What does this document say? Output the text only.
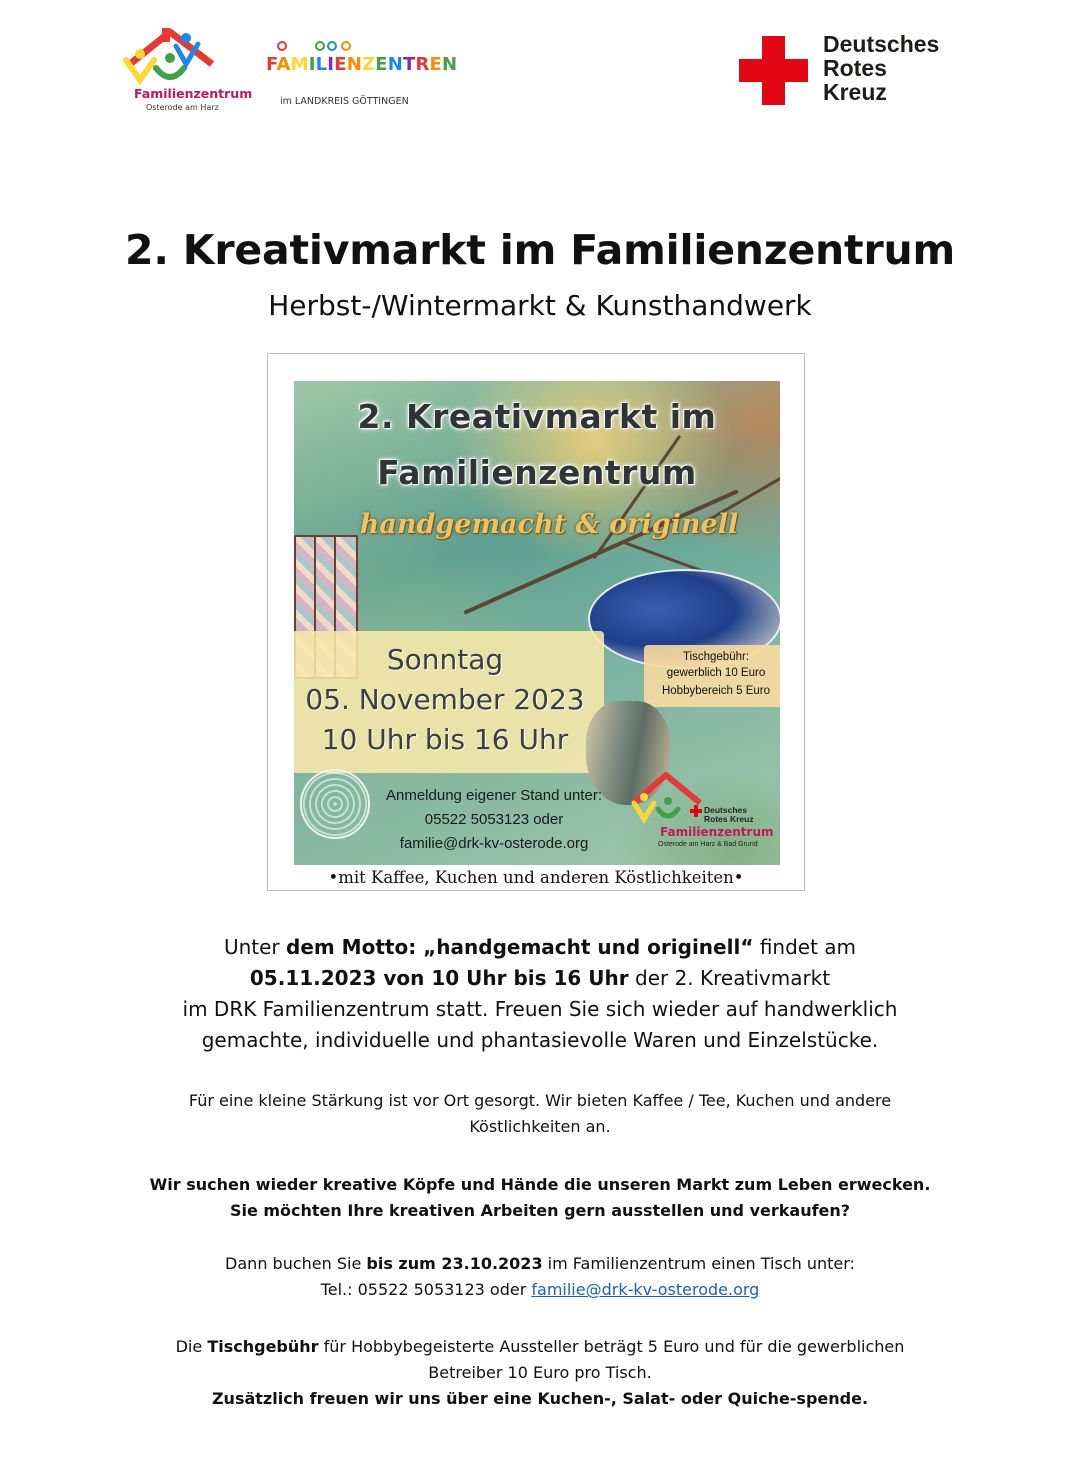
Familienzentrum
Osterode am Harz
FAMILIENZENTREN
im LANDKREIS GÖTTINGEN
Deutsches
Rotes
Kreuz
2. Kreativmarkt im Familienzentrum
Herbst-/Wintermarkt & Kunsthandwerk
2. Kreativmarkt im
Familienzentrum
handgemacht & originell
Sonntag
05. November 2023
10 Uhr bis 16 Uhr
Tischgebühr:
gewerblich 10 Euro
Hobbybereich 5 Euro
Anmeldung eigener Stand unter:
05522 5053123 oder
familie@drk-kv-osterode.org
Deutsches
Rotes Kreuz
Familienzentrum
Osterode am Harz & Bad Grund
•mit Kaffee, Kuchen und anderen Köstlichkeiten•
Unter dem Motto: „handgemacht und originell“ findet am
05.11.2023 von 10 Uhr bis 16 Uhr der 2. Kreativmarkt
im DRK Familienzentrum statt. Freuen Sie sich wieder auf handwerklich
gemachte, individuelle und phantasievolle Waren und Einzelstücke.
Für eine kleine Stärkung ist vor Ort gesorgt. Wir bieten Kaffee / Tee, Kuchen und andere
Köstlichkeiten an.
Wir suchen wieder kreative Köpfe und Hände die unseren Markt zum Leben erwecken.
Sie möchten Ihre kreativen Arbeiten gern ausstellen und verkaufen?
Dann buchen Sie bis zum 23.10.2023 im Familienzentrum einen Tisch unter:
Tel.: 05522 5053123 oder familie@drk-kv-osterode.org
Die Tischgebühr für Hobbybegeisterte Aussteller beträgt 5 Euro und für die gewerblichen
Betreiber 10 Euro pro Tisch.
Zusätzlich freuen wir uns über eine Kuchen-, Salat- oder Quiche-spende.
